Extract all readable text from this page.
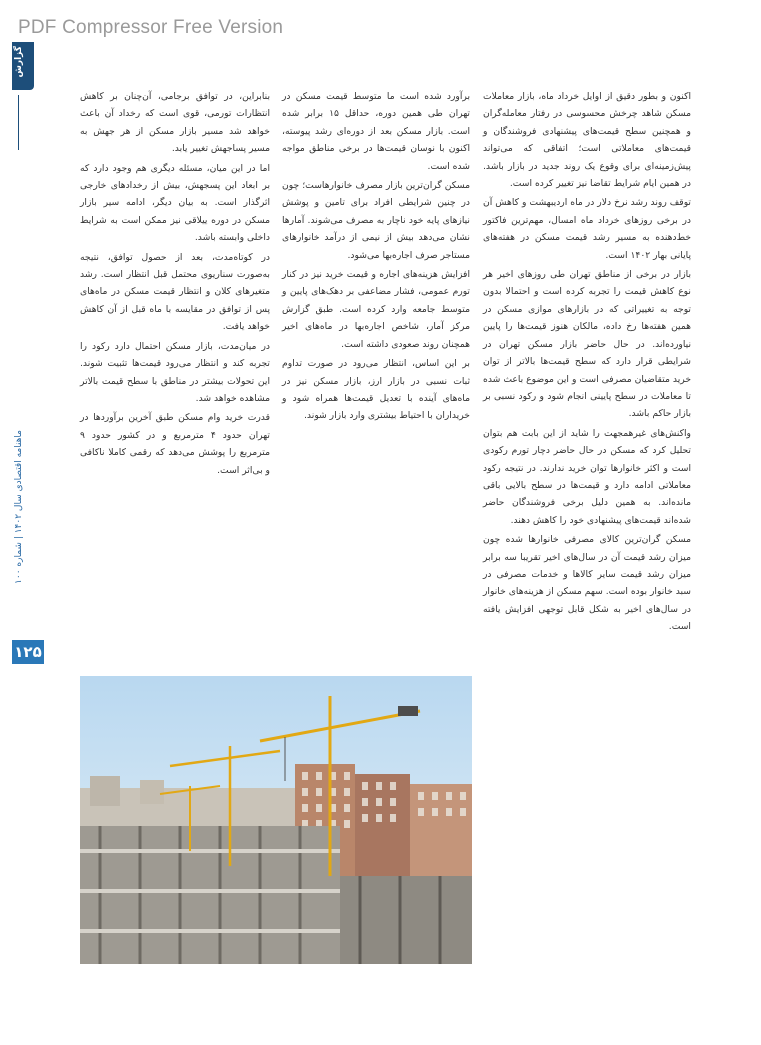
PDF Compressor Free Version
گزارش
ماهنامه اقتصادی سال ۱۴۰۲ | شماره ۱۰۰
۱۲۵

اکنون و بطور دقیق از اوایل خرداد ماه، بازار معاملات مسکن شاهد چرخش محسوسی در رفتار معامله‌گران و همچنین سطح قیمت‌های پیشنهادی فروشندگان و قیمت‌های معاملاتی است؛ اتفاقی که می‌تواند پیش‌زمینه‌ای برای وقوع یک روند جدید در بازار باشد. در همین ایام شرایط تقاضا نیز تغییر کرده است.

توقف روند رشد نرخ دلار در ماه اردیبهشت و کاهش آن در برخی روزهای خرداد ماه امسال، مهم‌ترین فاکتور خط‌دهنده به مسیر رشد قیمت مسکن در هفته‌های پایانی بهار ۱۴۰۲ است.

بازار در برخی از مناطق تهران طی روزهای اخیر هر نوع کاهش قیمت را تجربه کرده است و احتمالا بدون توجه به تغییراتی که در بازارهای موازی مسکن در همین هفته‌ها رخ داده، مالکان هنوز قیمت‌ها را پایین نیاورده‌اند. در حال حاضر بازار مسکن تهران در شرایطی قرار دارد که سطح قیمت‌ها بالاتر از توان خرید متقاضیان مصرفی است و این موضوع باعث شده تا معاملات در سطح پایینی انجام شود و رکود نسبی بر بازار حاکم باشد.

واکنش‌های غیرهمجهت را شاید از این بابت هم بتوان تحلیل کرد که مسکن در حال حاضر دچار تورم رکودی است و اکثر خانوارها توان خرید ندارند. در نتیجه رکود معاملاتی ادامه دارد و قیمت‌ها در سطح بالایی باقی مانده‌اند. به همین دلیل برخی فروشندگان حاضر شده‌اند قیمت‌های پیشنهادی خود را کاهش دهند.

مسکن گران‌ترین کالای مصرفی خانوارها شده چون میزان رشد قیمت آن در سال‌های اخیر تقریبا سه برابر میزان رشد قیمت سایر کالاها و خدمات مصرفی در سبد خانوار بوده است. سهم مسکن از هزینه‌های خانوار در سال‌های اخیر به شکل قابل توجهی افزایش یافته است.

برآورد شده است ما متوسط قیمت مسکن در تهران طی همین دوره، حداقل ۱۵ برابر شده است. بازار مسکن بعد از دوره‌ای رشد پیوسته، اکنون با نوسان قیمت‌ها در برخی مناطق مواجه شده است.

مسکن گران‌ترین بازار مصرف خانوارهاست؛ چون در چنین شرایطی افراد برای تامین و پوشش نیازهای پایه خود ناچار به مصرف می‌شوند. آمارها نشان می‌دهد بیش از نیمی از درآمد خانوارهای مستاجر صرف اجاره‌بها می‌شود.

افزایش هزینه‌های اجاره و قیمت خرید نیز در کنار تورم عمومی، فشار مضاعفی بر دهک‌های پایین و متوسط جامعه وارد کرده است. طبق گزارش مرکز آمار، شاخص اجاره‌بها در ماه‌های اخیر همچنان روند صعودی داشته است.

بر این اساس، انتظار می‌رود در صورت تداوم ثبات نسبی در بازار ارز، بازار مسکن نیز در ماه‌های آینده با تعدیل قیمت‌ها همراه شود و خریداران با احتیاط بیشتری وارد بازار شوند.

بنابراین، در توافق برجامی، آن‌چنان بر کاهش انتظارات تورمی، قوی است که رخداد آن باعث خواهد شد مسیر بازار مسکن از هر جهش به مسیر پساجهش تغییر یابد.

اما در این میان، مسئله دیگری هم وجود دارد که بر ابعاد این پسجهش، بیش از رخدادهای خارجی اثرگذار است. به بیان دیگر، ادامه سیر بازار مسکن در دوره ییلاقی نیز ممکن است به شرایط داخلی وابسته باشد.

در کوتاه‌مدت، بعد از حصول توافق، نتیجه به‌صورت سناریوی محتمل قبل انتظار است. رشد متغیرهای کلان و انتظار قیمت مسکن در ماه‌های پس از توافق در مقایسه با ماه قبل از آن کاهش خواهد یافت.

در میان‌مدت، بازار مسکن احتمال دارد رکود را تجربه کند و انتظار می‌رود قیمت‌ها تثبیت شوند. این تحولات بیشتر در مناطق با سطح قیمت بالاتر مشاهده خواهد شد.

قدرت خرید وام مسکن طبق آخرین برآوردها در تهران حدود ۴ مترمربع و در کشور حدود ۹ مترمربع را پوشش می‌دهد که رقمی کاملا ناکافی و بی‌اثر است.
